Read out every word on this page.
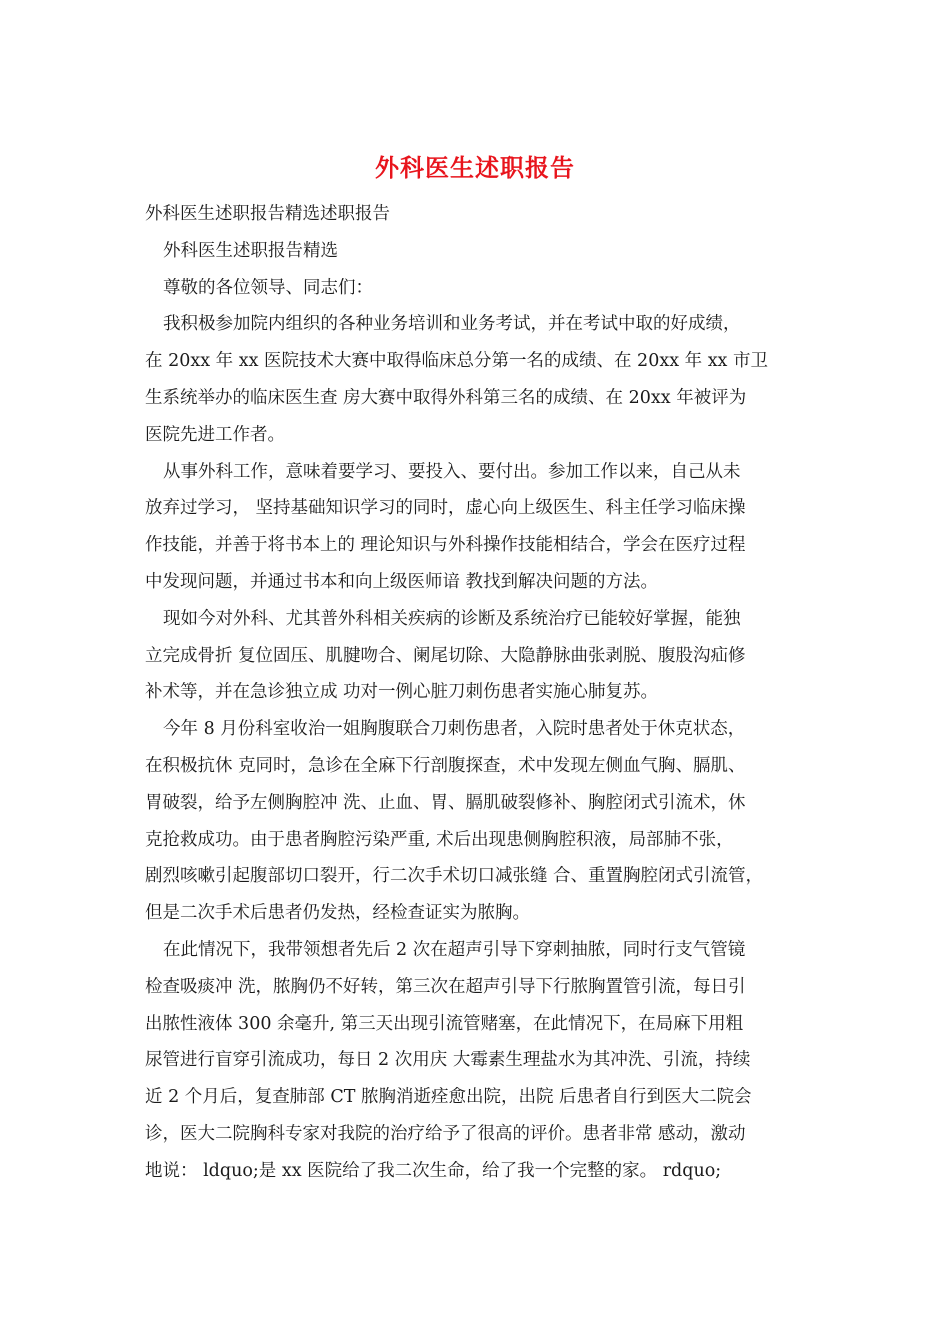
外科医生述职报告
外科医生述职报告精选述职报告
外科医生述职报告精选
尊敬的各位领导、同志们：
我积极参加院内组织的各种业务培训和业务考试，并在考试中取的好成绩，
在 20xx 年 xx 医院技术大赛中取得临床总分第一名的成绩、在 20xx 年 xx 市卫
生系统举办的临床医生查 房大赛中取得外科第三名的成绩、在 20xx 年被评为
医院先进工作者。
从事外科工作，意味着要学习、要投入、要付出。参加工作以来，自己从未
放弃过学习， 坚持基础知识学习的同时，虚心向上级医生、科主任学习临床操
作技能，并善于将书本上的 理论知识与外科操作技能相结合，学会在医疗过程
中发现问题，并通过书本和向上级医师谙 教找到解决问题的方法。
现如今对外科、尤其普外科相关疾病的诊断及系统治疗已能较好掌握，能独
立完成骨折 复位固压、肌腱吻合、阑尾切除、大隐静脉曲张剥脱、腹股沟疝修
补术等，并在急诊独立成 功对一例心脏刀刺伤患者实施心肺复苏。
今年 8 月份科室收治一姐胸腹联合刀刺伤患者，入院时患者处于休克状态，
在积极抗休 克同时，急诊在全麻下行剖腹探查，术中发现左侧血气胸、膈肌、
胃破裂，给予左侧胸腔冲 洗、止血、胃、膈肌破裂修补、胸腔闭式引流术，休
克抢救成功。由于患者胸腔污染严重, 术后出现患侧胸腔积液，局部肺不张，
剧烈咳嗽引起腹部切口裂开，行二次手术切口减张缝 合、重置胸腔闭式引流管，
但是二次手术后患者仍发热，经检查证实为脓胸。
在此情况下，我带领想者先后 2 次在超声引导下穿刺抽脓，同时行支气管镜
检查吸痰冲 洗，脓胸仍不好转，第三次在超声引导下行脓胸置管引流，每日引
出脓性液体 300 余毫升, 第三天出现引流管赌塞，在此情况下，在局麻下用粗
尿管进行盲穿引流成功，每日 2 次用庆 大霉素生理盐水为其冲洗、引流，持续
近 2 个月后，复查肺部 CT 脓胸消逝痊愈出院，出院 后患者自行到医大二院会
诊，医大二院胸科专家对我院的治疗给予了很高的评价。患者非常 感动，激动
地说： ldquo;是 xx 医院给了我二次生命，给了我一个完整的家。 rdquo;
